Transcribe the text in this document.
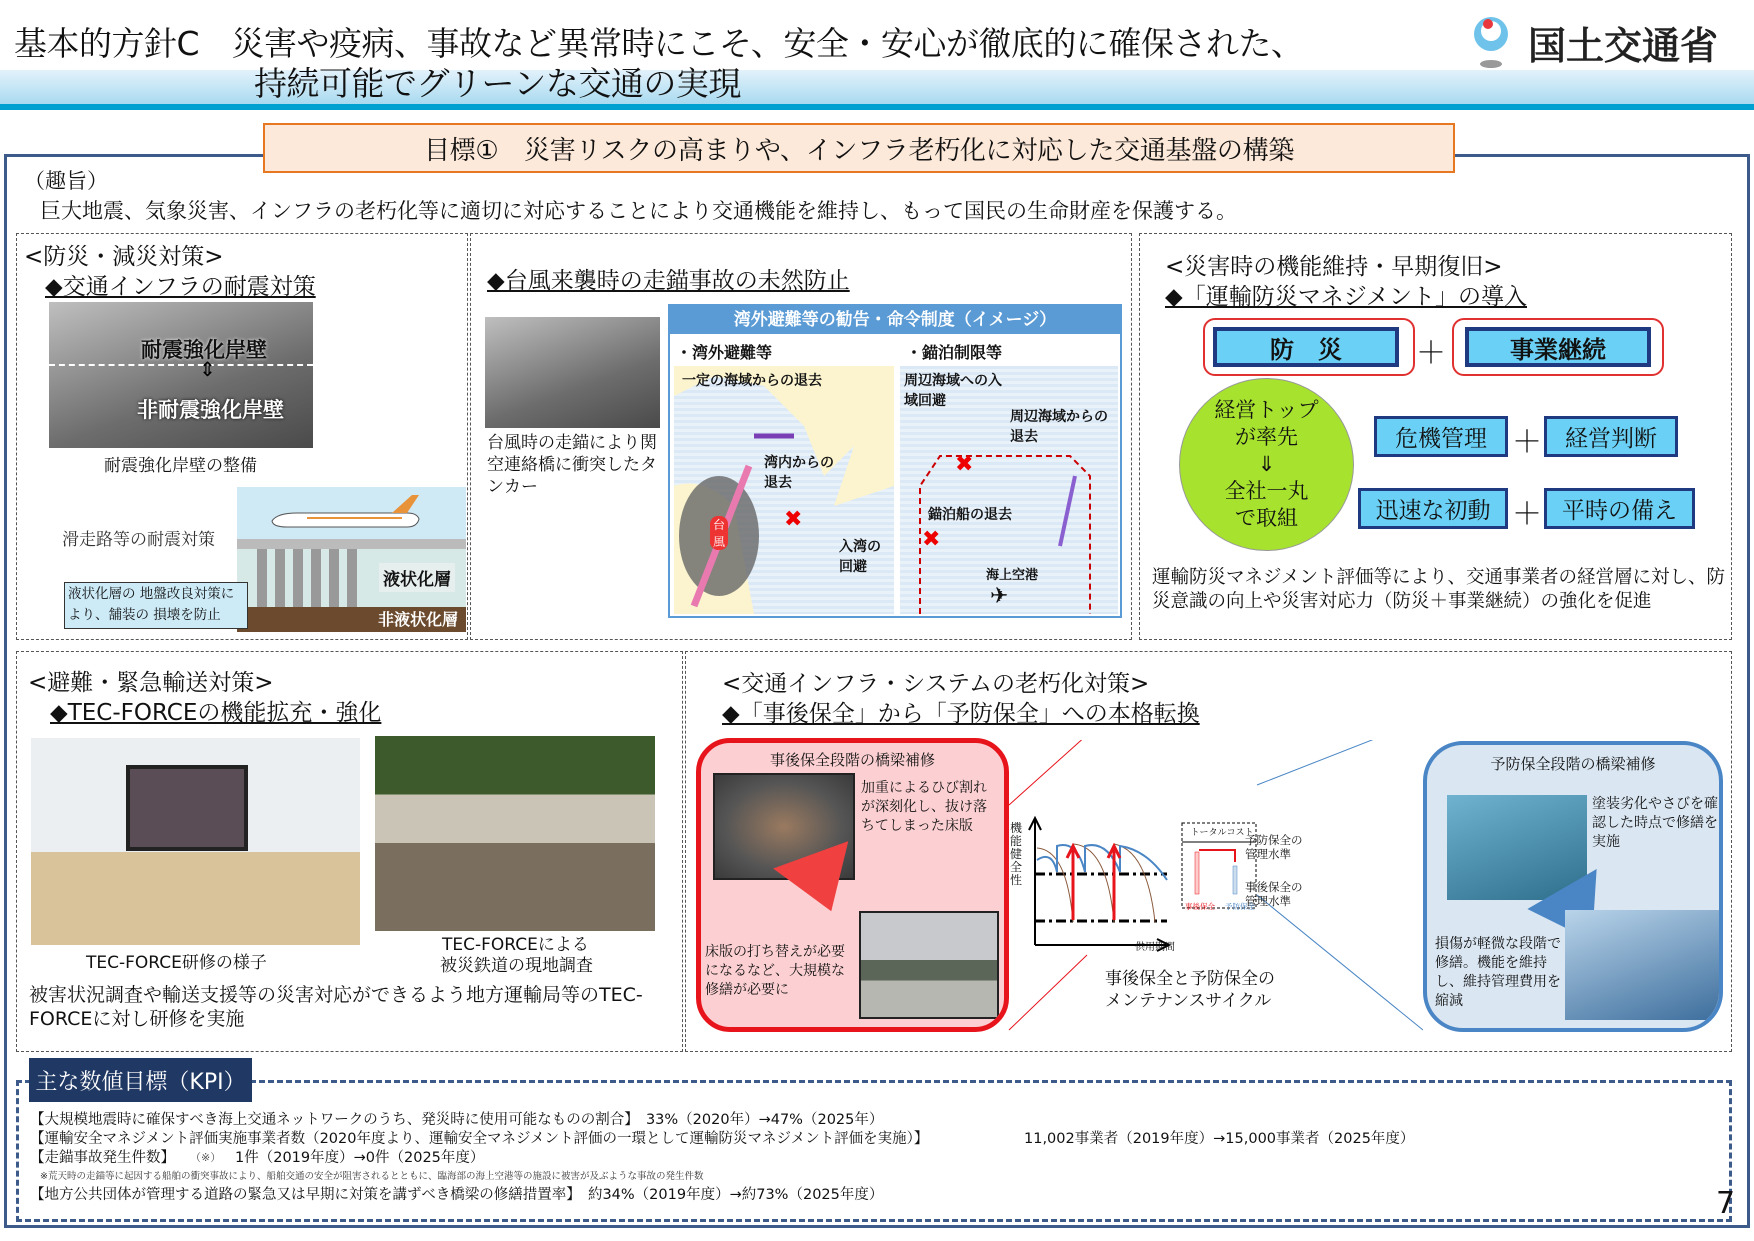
基本的方針C　災害や疫病、事故など異常時にこそ、安全・安心が徹底的に確保された、
持続可能でグリーンな交通の実現
国土交通省
目標①　災害リスクの高まりや、インフラ老朽化に対応した交通基盤の構築
（趣旨）
巨大地震、気象災害、インフラの老朽化等に適切に対応することにより交通機能を維持し、もって国民の生命財産を保護する。
<防災・減災対策>
◆交通インフラの耐震対策
耐震強化岸壁
非耐震強化岸壁
⇕
耐震強化岸壁の整備
滑走路等の耐震対策
液状化層
非液状化層
液状化層の 地盤改良対策により、舗装の 損壊を防止
◆台風来襲時の走錨事故の未然防止
台風時の走錨により関空連絡橋に衝突したタンカー
湾外避難等の勧告・命令制度（イメージ）
・湾外避難等	・錨泊制限等
✖
一定の海域からの退去
湾内からの退去
入湾の回避
台風
✖
✖
周辺海域への入域回避
周辺海域からの退去
錨泊船の退去
海上空港
✈
<災害時の機能維持・早期復旧>
◆「運輸防災マネジメント」の導入
防　災	＋	事業継続
経営トップ
が率先
⇓
全社一丸
で取組
危機管理 ＋	経営判断
迅速な初動 ＋ 平時の備え
運輸防災マネジメント評価等により、交通事業者の経営層に対し、防災意識の向上や災害対応力（防災＋事業継続）の強化を促進
<避難・緊急輸送対策>
◆TEC-FORCEの機能拡充・強化
TEC-FORCE研修の様子
TEC-FORCEによる
被災鉄道の現地調査
被害状況調査や輸送支援等の災害対応ができるよう地方運輸局等のTEC-FORCEに対し研修を実施
<交通インフラ・システムの老朽化対策>
◆「事後保全」から「予防保全」への本格転換
事後保全段階の橋梁補修
加重によるひび割れが深刻化し、抜け落ちてしまった床版
床版の打ち替えが必要になるなど、大規模な修繕が必要に
機能健全性
供用期間
予防保全の管理水準
事後保全の管理水準
トータルコスト
事後保全 予防保全
事後保全と予防保全の
メンテナンスサイクル
予防保全段階の橋梁補修
塗装劣化やさびを確認した時点で修繕を実施
損傷が軽微な段階で修繕。機能を維持し、維持管理費用を縮減
主な数値目標（KPI）
【大規模地震時に確保すべき海上交通ネットワークのうち、発災時に使用可能なものの割合】　33%（2020年）→47%（2025年）
【運輸安全マネジメント評価実施事業者数（2020年度より、運輸安全マネジメント評価の一環として運輸防災マネジメント評価を実施）】	11,002事業者（2019年度）→15,000事業者（2025年度）
【走錨事故発生件数】 （※） 1件（2019年度）→0件（2025年度）
※荒天時の走錨等に起因する船舶の衝突事故により、船舶交通の安全が阻害されるとともに、臨海部の海上空港等の施設に被害が及ぶような事故の発生件数
【地方公共団体が管理する道路の緊急又は早期に対策を講ずべき橋梁の修繕措置率】　約34%（2019年度）→約73%（2025年度）	7
